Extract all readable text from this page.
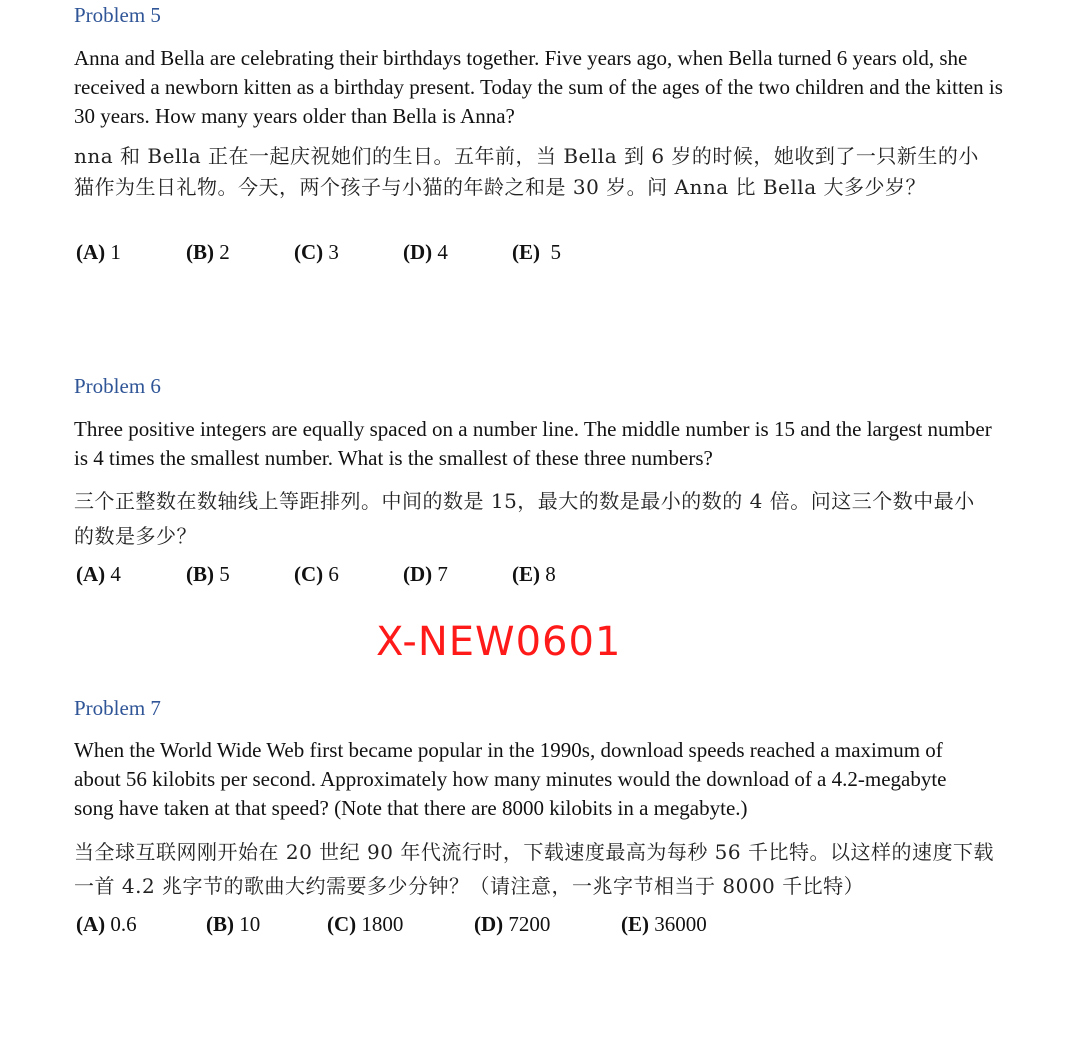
Problem 5
Anna and Bella are celebrating their birthdays together. Five years ago, when Bella turned 6 years old, she received a newborn kitten as a birthday present. Today the sum of the ages of the two children and the kitten is 30 years. How many years older than Bella is Anna?
nna 和 Bella 正在一起庆祝她们的生日。五年前，当 Bella 到 6 岁的时候，她收到了一只新生的小猫作为生日礼物。今天，两个孩子与小猫的年龄之和是 30 岁。问 Anna 比 Bella 大多少岁？
(A) 1	(B) 2	(C) 3	(D) 4	(E) 5
Problem 6
Three positive integers are equally spaced on a number line. The middle number is 15 and the largest number is 4 times the smallest number. What is the smallest of these three numbers?
三个正整数在数轴线上等距排列。中间的数是 15，最大的数是最小的数的 4 倍。问这三个数中最小的数是多少？
(A) 4	(B) 5	(C) 6	(D) 7	(E) 8
Problem 7
When the World Wide Web first became popular in the 1990s, download speeds reached a maximum of about 56 kilobits per second. Approximately how many minutes would the download of a 4.2-megabyte song have taken at that speed? (Note that there are 8000 kilobits in a megabyte.)
当全球互联网刚开始在 20 世纪 90 年代流行时，下载速度最高为每秒 56 千比特。以这样的速度下载一首 4.2 兆字节的歌曲大约需要多少分钟？（请注意，一兆字节相当于 8000 千比特）
(A) 0.6	(B) 10	(C) 1800	(D) 7200	(E) 36000
X-NEW0601
